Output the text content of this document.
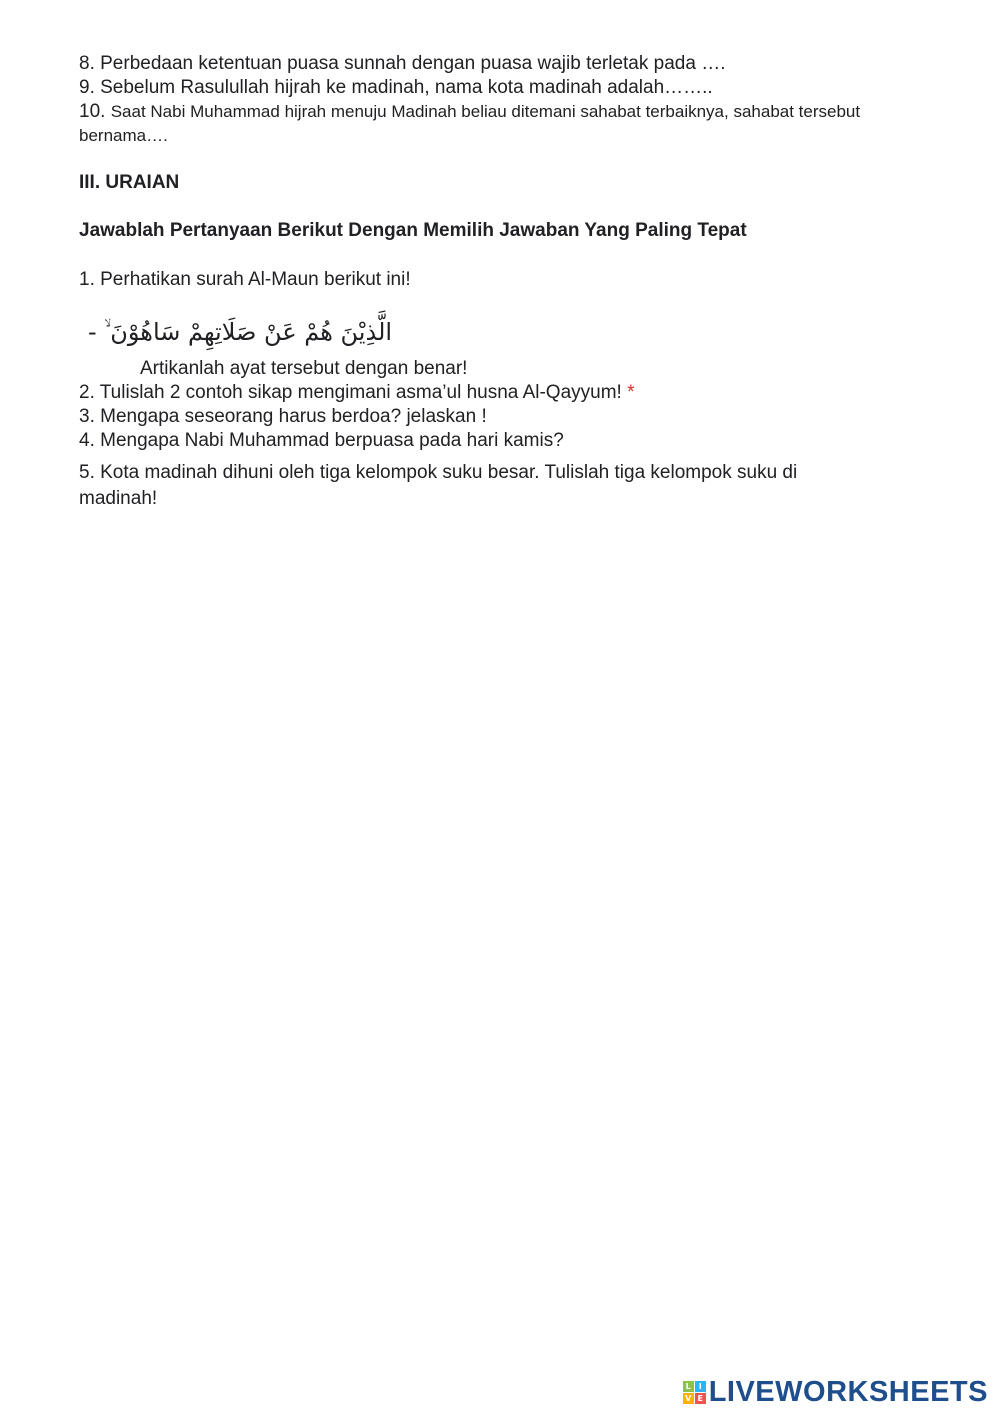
8. Perbedaan ketentuan puasa sunnah dengan puasa wajib terletak pada ….
9. Sebelum Rasulullah hijrah ke madinah, nama kota madinah adalah……..
10. Saat Nabi Muhammad hijrah menuju Madinah beliau ditemani sahabat terbaiknya, sahabat tersebut bernama….
III. URAIAN
Jawablah Pertanyaan Berikut Dengan Memilih Jawaban Yang Paling Tepat
1. Perhatikan surah Al-Maun berikut ini!
الَّذِيْنَ هُمْ عَنْ صَلَاتِهِمْ سَاهُوْنَ ۙ -
Artikanlah ayat tersebut dengan benar!
2. Tulislah 2 contoh sikap mengimani asma’ul husna Al-Qayyum! *
3. Mengapa seseorang harus berdoa? jelaskan !
4. Mengapa Nabi Muhammad berpuasa pada hari kamis?
5. Kota madinah dihuni oleh tiga kelompok suku besar. Tulislah tiga kelompok suku di madinah!
L I
V E LIVEWORKSHEETS
